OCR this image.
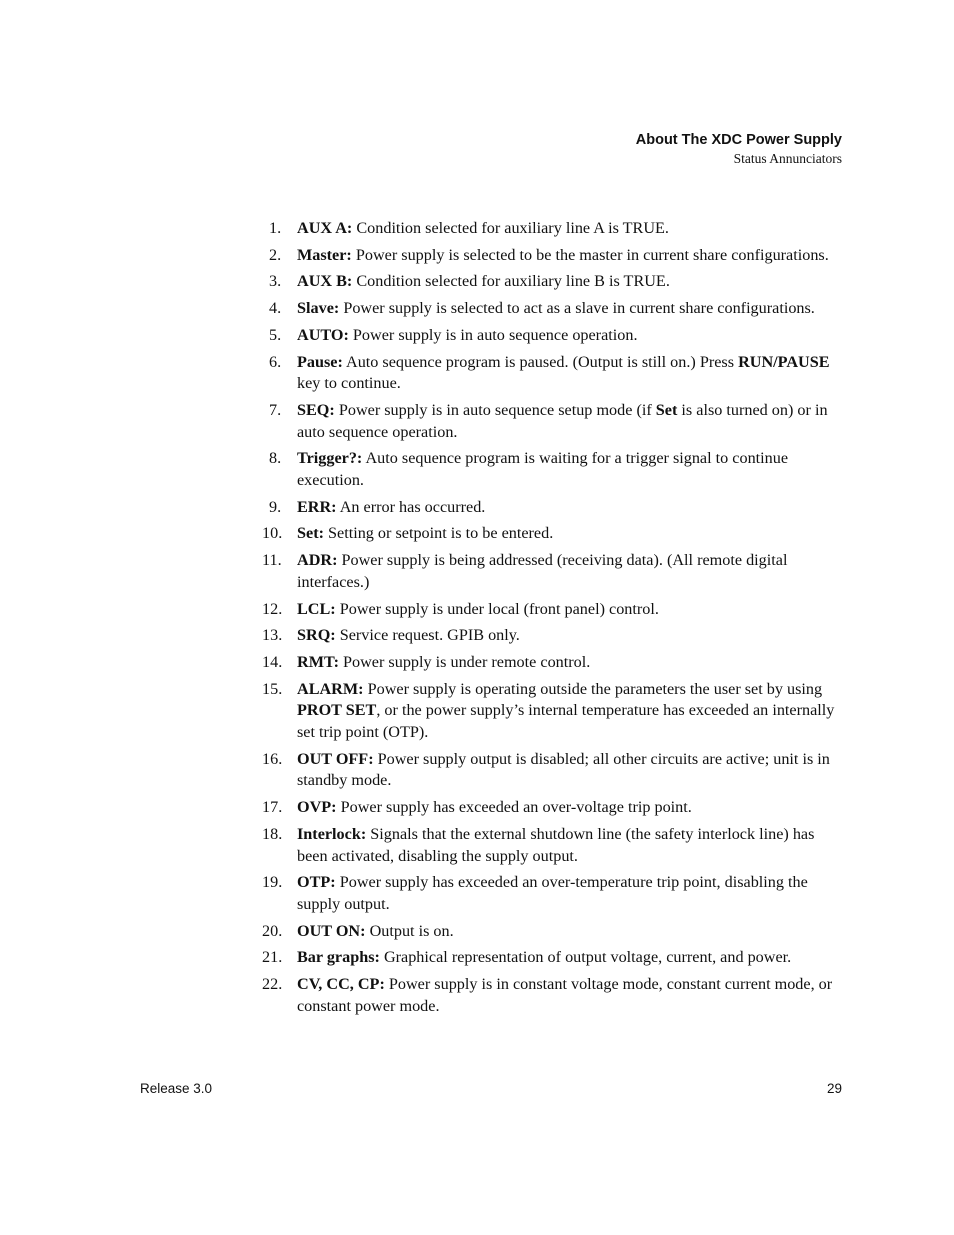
About The XDC Power Supply
Status Annunciators
1. AUX A: Condition selected for auxiliary line A is TRUE.
2. Master: Power supply is selected to be the master in current share configurations.
3. AUX B: Condition selected for auxiliary line B is TRUE.
4. Slave: Power supply is selected to act as a slave in current share configurations.
5. AUTO: Power supply is in auto sequence operation.
6. Pause: Auto sequence program is paused. (Output is still on.) Press RUN/PAUSE key to continue.
7. SEQ: Power supply is in auto sequence setup mode (if Set is also turned on) or in auto sequence operation.
8. Trigger?: Auto sequence program is waiting for a trigger signal to continue execution.
9. ERR: An error has occurred.
10. Set: Setting or setpoint is to be entered.
11. ADR: Power supply is being addressed (receiving data). (All remote digital interfaces.)
12. LCL: Power supply is under local (front panel) control.
13. SRQ: Service request. GPIB only.
14. RMT: Power supply is under remote control.
15. ALARM: Power supply is operating outside the parameters the user set by using PROT SET, or the power supply’s internal temperature has exceeded an internally set trip point (OTP).
16. OUT OFF: Power supply output is disabled; all other circuits are active; unit is in standby mode.
17. OVP: Power supply has exceeded an over-voltage trip point.
18. Interlock: Signals that the external shutdown line (the safety interlock line) has been activated, disabling the supply output.
19. OTP: Power supply has exceeded an over-temperature trip point, disabling the supply output.
20. OUT ON: Output is on.
21. Bar graphs: Graphical representation of output voltage, current, and power.
22. CV, CC, CP: Power supply is in constant voltage mode, constant current mode, or constant power mode.
Release 3.0	29
